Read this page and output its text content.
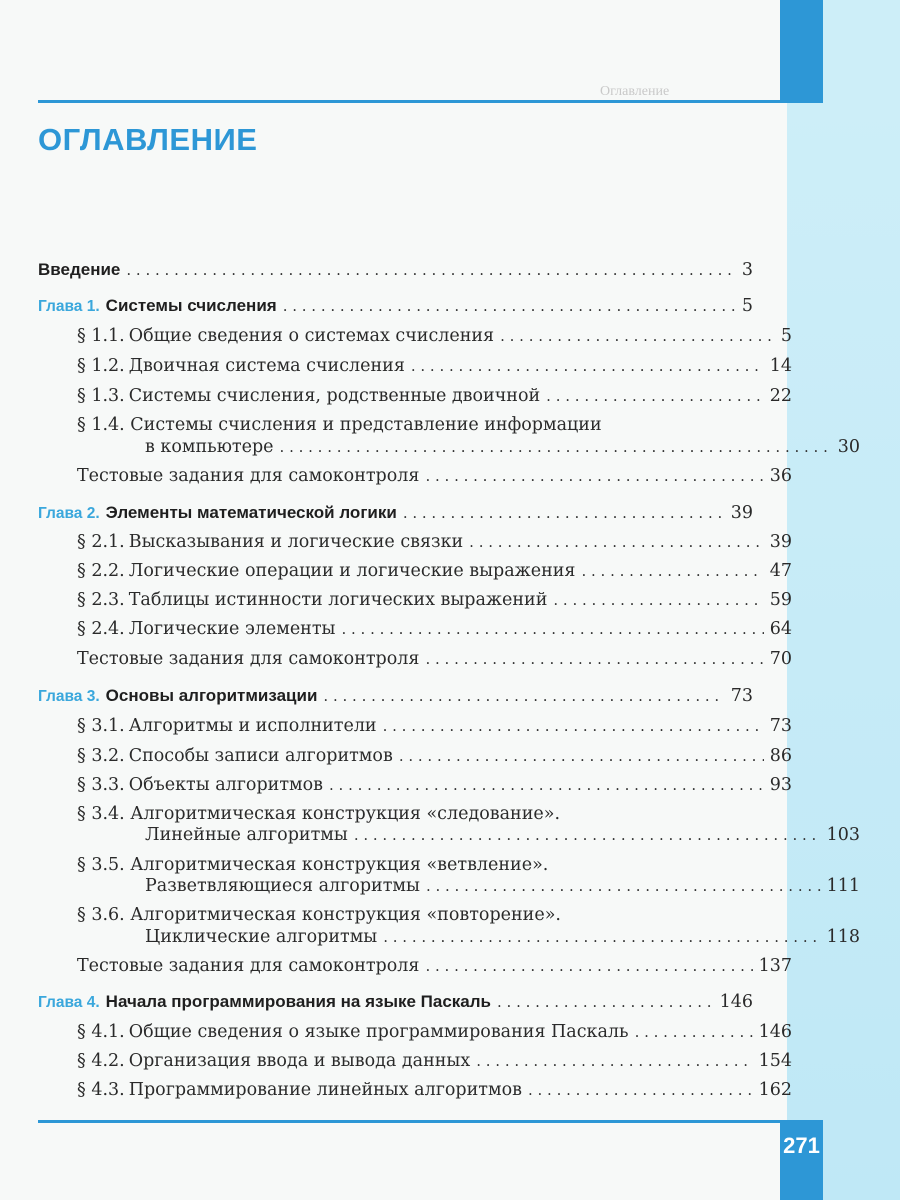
Оглавление
ОГЛАВЛЕНИЕ
Введение . . .	3
Глава 1. Системы счисления . . .	5
§ 1.1. Общие сведения о системах счисления . . .	5
§ 1.2. Двоичная система счисления . . .	14
§ 1.3. Системы счисления, родственные двоичной . . .	22
§ 1.4. Системы счисления и представление информации
в компьютере . . .	30
Тестовые задания для самоконтроля . . .	36
Глава 2. Элементы математической логики . . .	39
§ 2.1. Высказывания и логические связки . . .	39
§ 2.2. Логические операции и логические выражения . . .	47
§ 2.3. Таблицы истинности логических выражений . . .	59
§ 2.4. Логические элементы . . .	64
Тестовые задания для самоконтроля . . .	70
Глава 3. Основы алгоритмизации . . .	73
§ 3.1. Алгоритмы и исполнители . . .	73
§ 3.2. Способы записи алгоритмов . . .	86
§ 3.3. Объекты алгоритмов . . .	93
§ 3.4. Алгоритмическая конструкция «следование».
Линейные алгоритмы . . .	103
§ 3.5. Алгоритмическая конструкция «ветвление».
Разветвляющиеся алгоритмы . . .	111
§ 3.6. Алгоритмическая конструкция «повторение».
Циклические алгоритмы . . .	118
Тестовые задания для самоконтроля . . .	137
Глава 4. Начала программирования на языке Паскаль . . .	146
§ 4.1. Общие сведения о языке программирования Паскаль . . .	146
§ 4.2. Организация ввода и вывода данных . . .	154
§ 4.3. Программирование линейных алгоритмов . . .	162
271
